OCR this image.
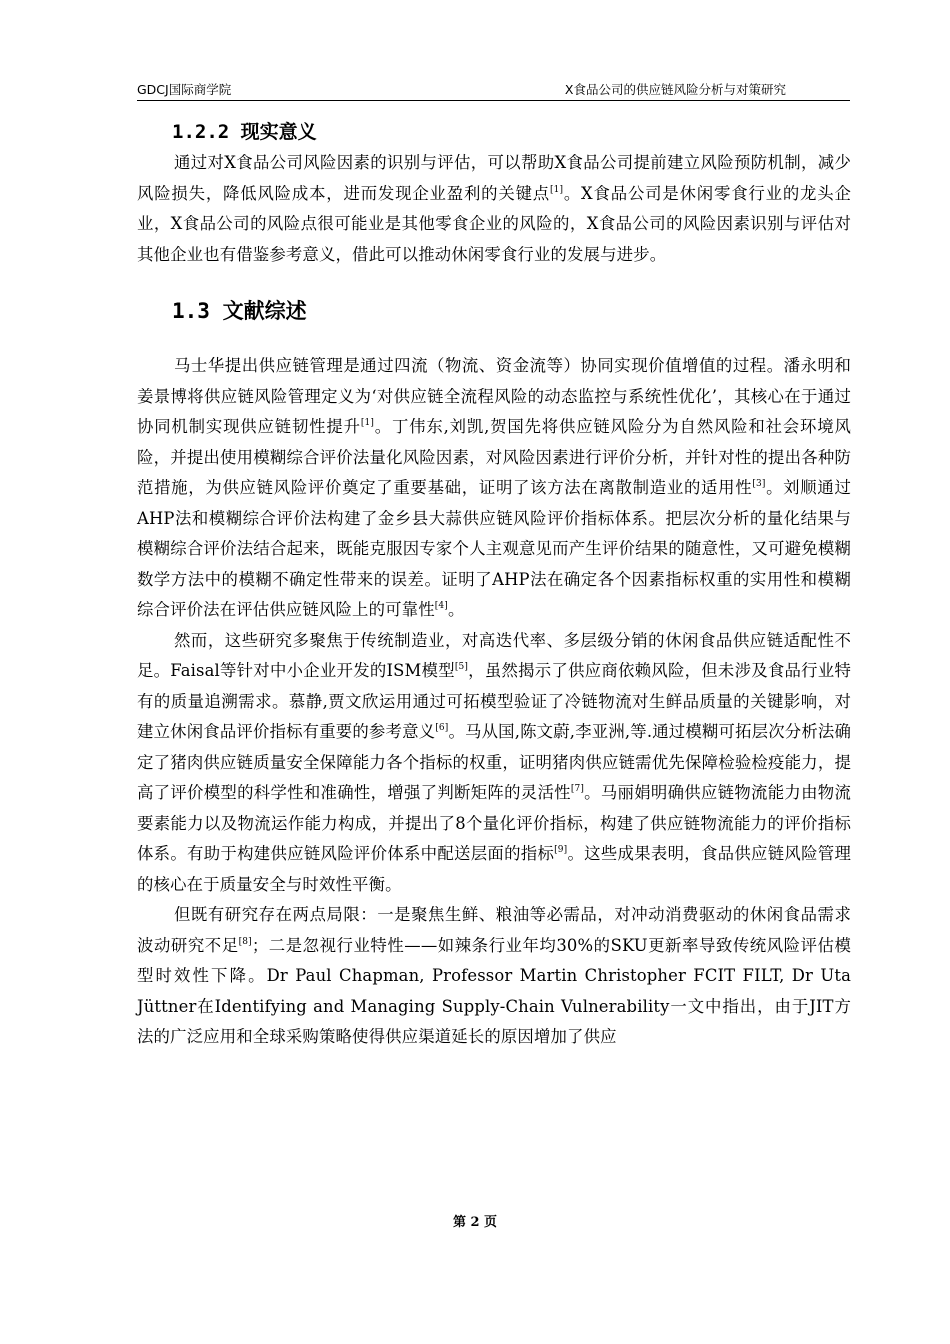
GDCJ国际商学院	X食品公司的供应链风险分析与对策研究
1.2.2 现实意义

通过对X食品公司风险因素的识别与评估，可以帮助X食品公司提前建立风险预防机制，减少风险损失，降低风险成本，进而发现企业盈利的关键点[1]。X食品公司是休闲零食行业的龙头企业，X食品公司的风险点很可能业是其他零食企业的风险的，X食品公司的风险因素识别与评估对其他企业也有借鉴参考意义，借此可以推动休闲零食行业的发展与进步。

1.3 文献综述

马士华提出供应链管理是通过四流（物流、资金流等）协同实现价值增值的过程。潘永明和姜景博将供应链风险管理定义为‘对供应链全流程风险的动态监控与系统性优化’，其核心在于通过协同机制实现供应链韧性提升[1]。丁伟东,刘凯,贺国先将供应链风险分为自然风险和社会环境风险，并提出使用模糊综合评价法量化风险因素，对风险因素进行评价分析，并针对性的提出各种防范措施，为供应链风险评价奠定了重要基础，证明了该方法在离散制造业的适用性[3]。刘顺通过AHP法和模糊综合评价法构建了金乡县大蒜供应链风险评价指标体系。把层次分析的量化结果与模糊综合评价法结合起来，既能克服因专家个人主观意见而产生评价结果的随意性，又可避免模糊数学方法中的模糊不确定性带来的误差。证明了AHP法在确定各个因素指标权重的实用性和模糊综合评价法在评估供应链风险上的可靠性[4]。

然而，这些研究多聚焦于传统制造业，对高迭代率、多层级分销的休闲食品供应链适配性不足。Faisal等针对中小企业开发的ISM模型[5]，虽然揭示了供应商依赖风险，但未涉及食品行业特有的质量追溯需求。慕静,贾文欣运用通过可拓模型验证了冷链物流对生鲜品质量的关键影响，对建立休闲食品评价指标有重要的参考意义[6]。马从国,陈文蔚,李亚洲,等.通过模糊可拓层次分析法确定了猪肉供应链质量安全保障能力各个指标的权重，证明猪肉供应链需优先保障检验检疫能力，提高了评价模型的科学性和准确性，增强了判断矩阵的灵活性[7]。马丽娟明确供应链物流能力由物流要素能力以及物流运作能力构成，并提出了8个量化评价指标，构建了供应链物流能力的评价指标体系。有助于构建供应链风险评价体系中配送层面的指标[9]。这些成果表明，食品供应链风险管理的核心在于质量安全与时效性平衡。

但既有研究存在两点局限：一是聚焦生鲜、粮油等必需品，对冲动消费驱动的休闲食品需求波动研究不足[8]；二是忽视行业特性——如辣条行业年均30%的SKU更新率导致传统风险评估模型时效性下降。Dr Paul Chapman, Professor Martin Christopher FCIT FILT, Dr Uta Jüttner在Identifying and Managing Supply-Chain Vulnerability一文中指出，由于JIT方法的广泛应用和全球采购策略使得供应渠道延长的原因增加了供应

第 2 页
